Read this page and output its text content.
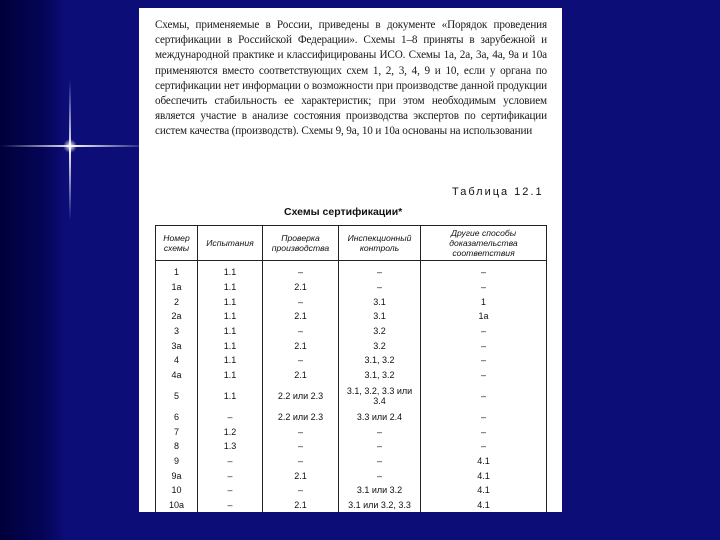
Схемы, применяемые в России, приведены в документе «Порядок проведения сертификации в Российской Федерации». Схемы 1–8 приняты в зарубежной и международной практике и классифицированы ИСО. Схемы 1а, 2а, 3а, 4а, 9а и 10а применяются вместо соответствующих схем 1, 2, 3, 4, 9 и 10, если у органа по сертификации нет информации о возможности при производстве данной продукции обеспечить стабильность ее характеристик; при этом необходимым условием является участие в анализе состояния производства экспертов по сертификации систем качества (производств). Схемы 9, 9а, 10 и 10а основаны на использовании
Таблица 12.1
Схемы сертификации*
Номер схемы	Испытания	Проверка производства	Инспекционный контроль	Другие способы доказательства соответствия
1	1.1	–	–	–
1а	1.1	2.1	–	–
2	1.1	–	3.1	1
2а	1.1	2.1	3.1	1а
3	1.1	–	3.2	–
3а	1.1	2.1	3.2	–
4	1.1	–	3.1, 3.2	–
4а	1.1	2.1	3.1, 3.2	–
5	1.1	2.2 или 2.3	3.1, 3.2, 3.3 или 3.4	–
6	–	2.2 или 2.3	3.3 или 2.4	–
7	1.2	–	–	–
8	1.3	–	–	–
9	–	–	–	4.1
9а	–	2.1	–	4.1
10	–	–	3.1 или 3.2	4.1
10а	–	2.1	3.1 или 3.2, 3.3	4.1
